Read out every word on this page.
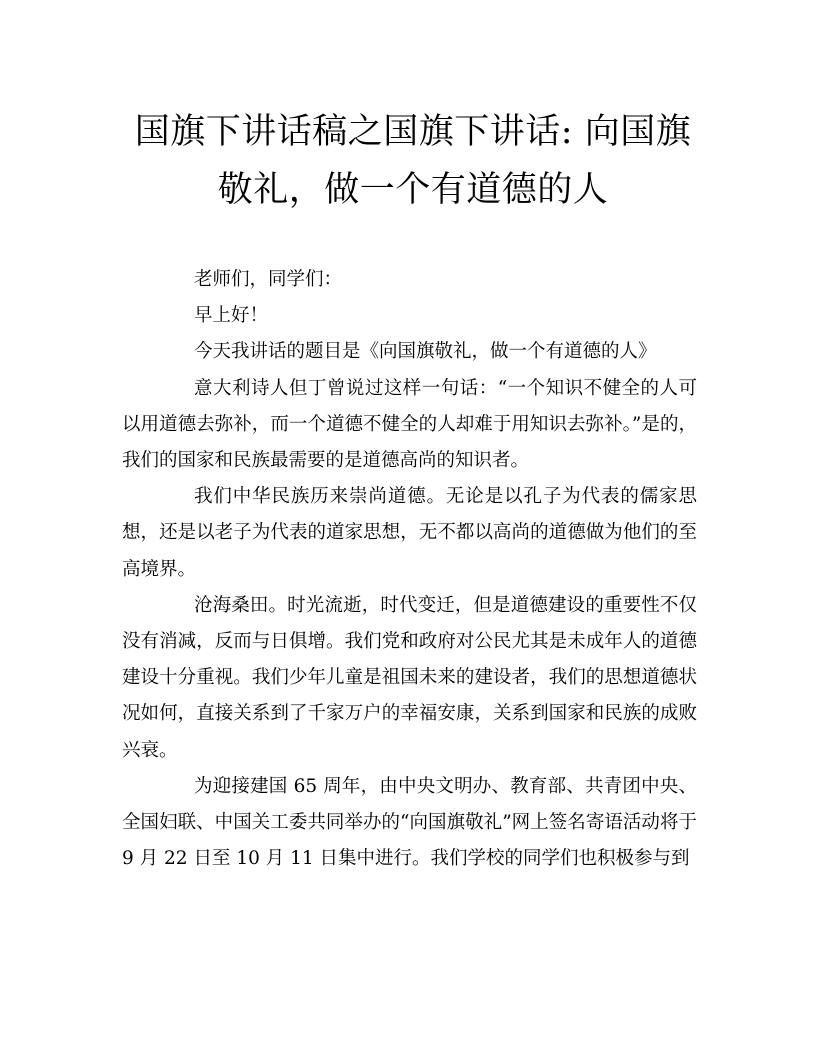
国旗下讲话稿之国旗下讲话: 向国旗敬礼，做一个有道德的人

老师们，同学们：

早上好！

今天我讲话的题目是《向国旗敬礼，做一个有道德的人》

意大利诗人但丁曾说过这样一句话：“一个知识不健全的人可以用道德去弥补，而一个道德不健全的人却难于用知识去弥补。”是的，我们的国家和民族最需要的是道德高尚的知识者。

我们中华民族历来崇尚道德。无论是以孔子为代表的儒家思想，还是以老子为代表的道家思想，无不都以高尚的道德做为他们的至高境界。

沧海桑田。时光流逝，时代变迁，但是道德建设的重要性不仅没有消减，反而与日俱增。我们党和政府对公民尤其是未成年人的道德建设十分重视。我们少年儿童是祖国未来的建设者，我们的思想道德状况如何，直接关系到了千家万户的幸福安康，关系到国家和民族的成败兴衰。

为迎接建国 65 周年，由中央文明办、教育部、共青团中央、全国妇联、中国关工委共同举办的“向国旗敬礼”网上签名寄语活动将于 9 月 22 日至 10 月 11 日集中进行。我们学校的同学们也积极参与到
